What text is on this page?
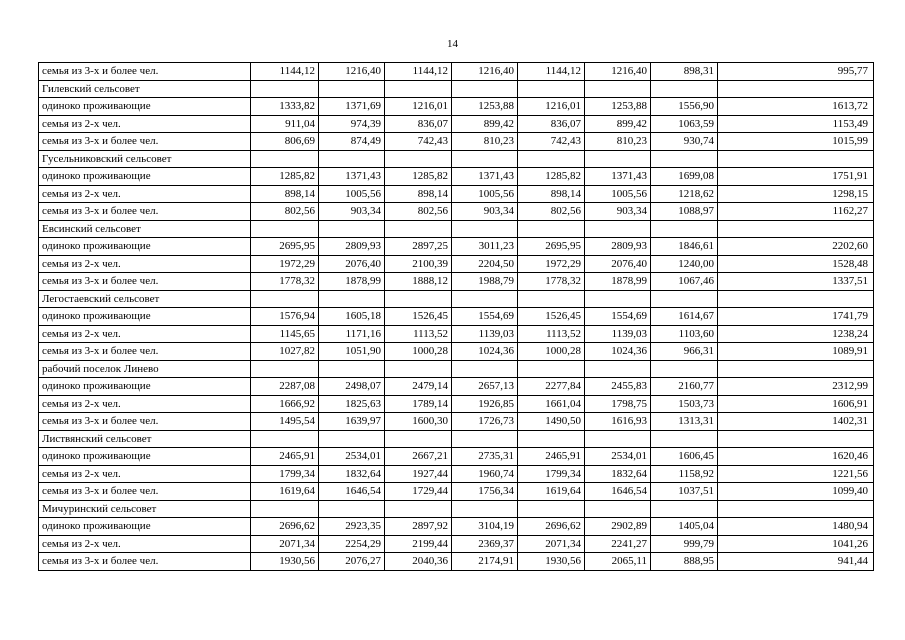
14
семья из 3-х и более чел.	1144,12	1216,40	1144,12	1216,40	1144,12	1216,40	898,31	995,77
Гилевский сельсовет								
одиноко проживающие	1333,82	1371,69	1216,01	1253,88	1216,01	1253,88	1556,90	1613,72
семья из 2-х чел.	911,04	974,39	836,07	899,42	836,07	899,42	1063,59	1153,49
семья из 3-х и более чел.	806,69	874,49	742,43	810,23	742,43	810,23	930,74	1015,99
Гусельниковский сельсовет								
одиноко проживающие	1285,82	1371,43	1285,82	1371,43	1285,82	1371,43	1699,08	1751,91
семья из 2-х чел.	898,14	1005,56	898,14	1005,56	898,14	1005,56	1218,62	1298,15
семья из 3-х и более чел.	802,56	903,34	802,56	903,34	802,56	903,34	1088,97	1162,27
Евсинский сельсовет								
одиноко проживающие	2695,95	2809,93	2897,25	3011,23	2695,95	2809,93	1846,61	2202,60
семья из 2-х чел.	1972,29	2076,40	2100,39	2204,50	1972,29	2076,40	1240,00	1528,48
семья из 3-х и более чел.	1778,32	1878,99	1888,12	1988,79	1778,32	1878,99	1067,46	1337,51
Легостаевский сельсовет								
одиноко проживающие	1576,94	1605,18	1526,45	1554,69	1526,45	1554,69	1614,67	1741,79
семья из 2-х чел.	1145,65	1171,16	1113,52	1139,03	1113,52	1139,03	1103,60	1238,24
семья из 3-х и более чел.	1027,82	1051,90	1000,28	1024,36	1000,28	1024,36	966,31	1089,91
рабочий поселок Линево								
одиноко проживающие	2287,08	2498,07	2479,14	2657,13	2277,84	2455,83	2160,77	2312,99
семья из 2-х чел.	1666,92	1825,63	1789,14	1926,85	1661,04	1798,75	1503,73	1606,91
семья из 3-х и более чел.	1495,54	1639,97	1600,30	1726,73	1490,50	1616,93	1313,31	1402,31
Листвянский сельсовет								
одиноко проживающие	2465,91	2534,01	2667,21	2735,31	2465,91	2534,01	1606,45	1620,46
семья из 2-х чел.	1799,34	1832,64	1927,44	1960,74	1799,34	1832,64	1158,92	1221,56
семья из 3-х и более чел.	1619,64	1646,54	1729,44	1756,34	1619,64	1646,54	1037,51	1099,40
Мичуринский сельсовет								
одиноко проживающие	2696,62	2923,35	2897,92	3104,19	2696,62	2902,89	1405,04	1480,94
семья из 2-х чел.	2071,34	2254,29	2199,44	2369,37	2071,34	2241,27	999,79	1041,26
семья из 3-х и более чел.	1930,56	2076,27	2040,36	2174,91	1930,56	2065,11	888,95	941,44
